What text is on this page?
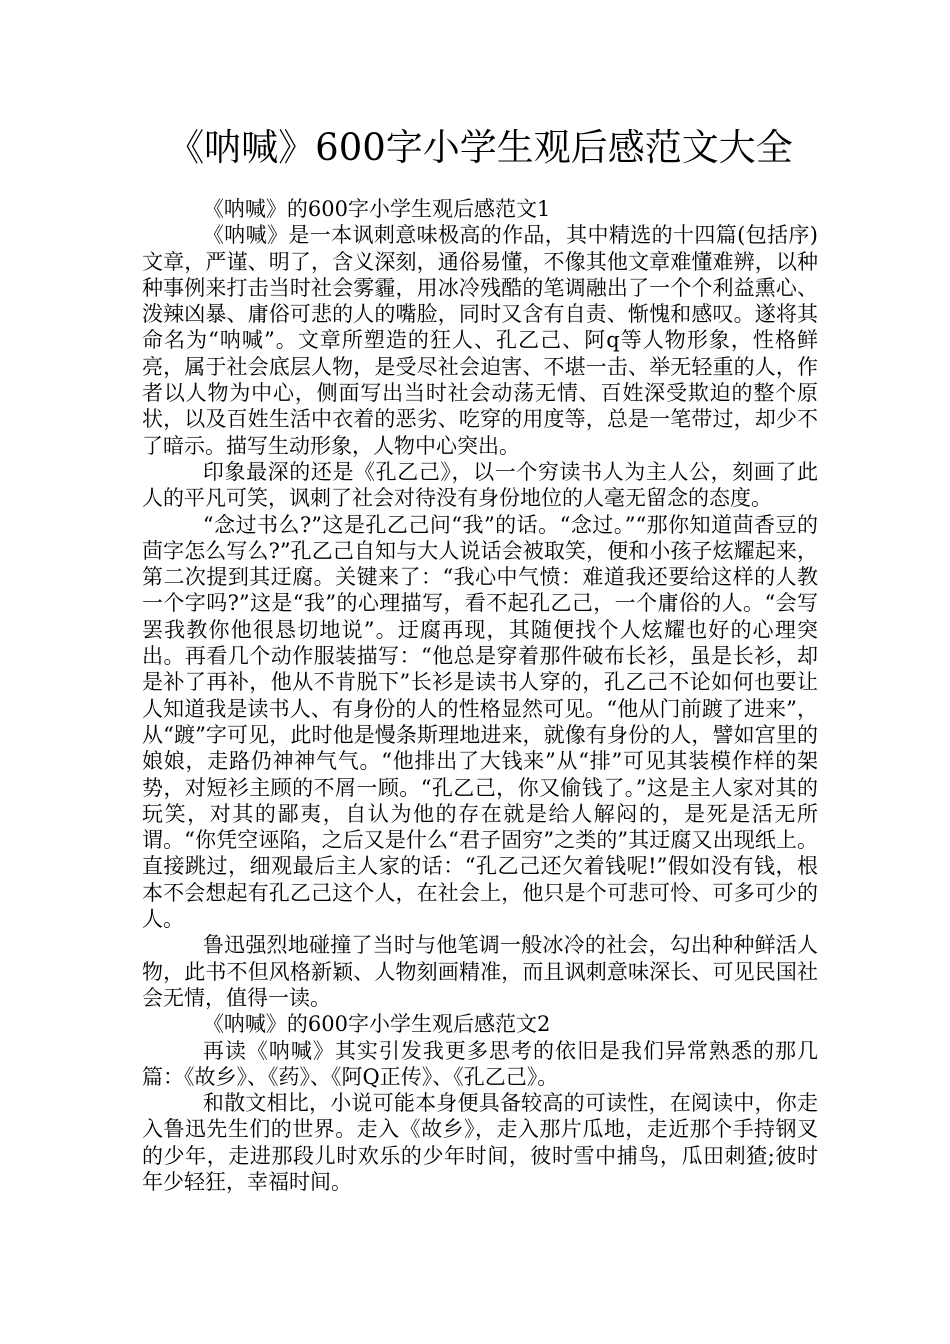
《呐喊》600字小学生观后感范文大全

《呐喊》的600字小学生观后感范文1

《呐喊》是一本讽刺意味极高的作品，其中精选的十四篇(包括序)文章，严谨、明了，含义深刻，通俗易懂，不像其他文章难懂难辨，以种种事例来打击当时社会雾霾，用冰冷残酷的笔调融出了一个个利益熏心、泼辣凶暴、庸俗可悲的人的嘴脸，同时又含有自责、惭愧和感叹。遂将其命名为“呐喊”。文章所塑造的狂人、孔乙己、阿q等人物形象，性格鲜亮，属于社会底层人物，是受尽社会迫害、不堪一击、举无轻重的人，作者以人物为中心，侧面写出当时社会动荡无情、百姓深受欺迫的整个原状，以及百姓生活中衣着的恶劣、吃穿的用度等，总是一笔带过，却少不了暗示。描写生动形象，人物中心突出。

印象最深的还是《孔乙己》，以一个穷读书人为主人公，刻画了此人的平凡可笑，讽刺了社会对待没有身份地位的人毫无留念的态度。

“念过书么?”这是孔乙己问“我”的话。“念过。”“那你知道茴香豆的茴字怎么写么?”孔乙己自知与大人说话会被取笑，便和小孩子炫耀起来，第二次提到其迂腐。关键来了：“我心中气愤：难道我还要给这样的人教一个字吗?”这是“我”的心理描写，看不起孔乙己，一个庸俗的人。“会写罢我教你他很恳切地说”。迂腐再现，其随便找个人炫耀也好的心理突出。再看几个动作服装描写：“他总是穿着那件破布长衫，虽是长衫，却是补了再补，他从不肯脱下”长衫是读书人穿的，孔乙己不论如何也要让人知道我是读书人、有身份的人的性格显然可见。“他从门前踱了进来”，从“踱”字可见，此时他是慢条斯理地进来，就像有身份的人，譬如宫里的娘娘，走路仍神神气气。“他排出了大钱来”从“排”可见其装模作样的架势，对短衫主顾的不屑一顾。“孔乙己，你又偷钱了。”这是主人家对其的玩笑，对其的鄙夷，自认为他的存在就是给人解闷的，是死是活无所谓。“你凭空诬陷，之后又是什么“君子固穷”之类的”其迂腐又出现纸上。直接跳过，细观最后主人家的话：“孔乙己还欠着钱呢!”假如没有钱，根本不会想起有孔乙己这个人，在社会上，他只是个可悲可怜、可多可少的人。

鲁迅强烈地碰撞了当时与他笔调一般冰冷的社会，勾出种种鲜活人物，此书不但风格新颖、人物刻画精准，而且讽刺意味深长、可见民国社会无情，值得一读。

《呐喊》的600字小学生观后感范文2

再读《呐喊》其实引发我更多思考的依旧是我们异常熟悉的那几篇：《故乡》、《药》、《阿Q正传》、《孔乙己》。

和散文相比，小说可能本身便具备较高的可读性，在阅读中，你走入鲁迅先生们的世界。走入《故乡》，走入那片瓜地，走近那个手持钢叉的少年，走进那段儿时欢乐的少年时间，彼时雪中捕鸟，瓜田刺猹;彼时年少轻狂，幸福时间。
